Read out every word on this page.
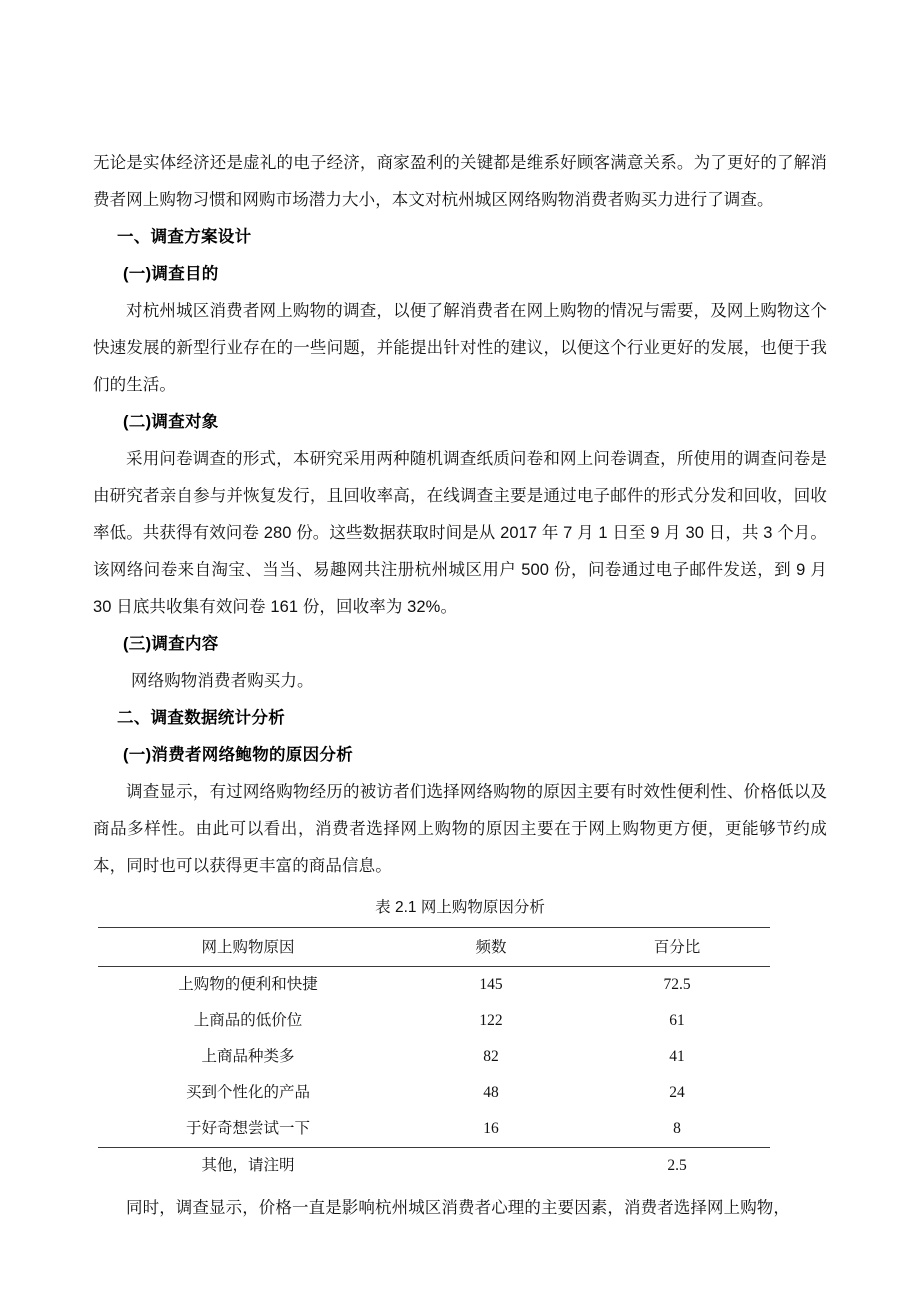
无论是实体经济还是虚礼的电子经济，商家盈利的关键都是维系好顾客满意关系。为了更好的了解消费者网上购物习惯和网购市场潜力大小，本文对杭州城区网络购物消费者购买力进行了调查。

一、调查方案设计
(一)调查目的

对杭州城区消费者网上购物的调查，以便了解消费者在网上购物的情况与需要，及网上购物这个快速发展的新型行业存在的一些问题，并能提出针对性的建议，以便这个行业更好的发展，也便于我们的生活。

(二)调查对象

采用问卷调查的形式，本研究采用两种随机调查纸质问卷和网上问卷调查，所使用的调查问卷是由研究者亲自参与并恢复发行，且回收率高，在线调查主要是通过电子邮件的形式分发和回收，回收率低。共获得有效问卷 280 份。这些数据获取时间是从 2017 年 7 月 1 日至 9 月 30 日，共 3 个月。该网络问卷来自淘宝、当当、易趣网共注册杭州城区用户 500 份，问卷通过电子邮件发送，到 9 月 30 日底共收集有效问卷 161 份，回收率为 32%。

(三)调查内容

网络购物消费者购买力。

二、调查数据统计分析
(一)消费者网络鲍物的原因分析

调查显示，有过网络购物经历的被访者们选择网络购物的原因主要有时效性便利性、价格低以及商品多样性。由此可以看出，消费者选择网上购物的原因主要在于网上购物更方便，更能够节约成本，同时也可以获得更丰富的商品信息。

表 2.1 网上购物原因分析
网上购物原因	频数	百分比
上购物的便利和快捷	145	72.5
上商品的低价位	122	61
上商品种类多	82	41
买到个性化的产品	48	24
于好奇想尝试一下	16	8
其他，请注明		2.5

同时，调查显示，价格一直是影响杭州城区消费者心理的主要因素，消费者选择网上购物，
